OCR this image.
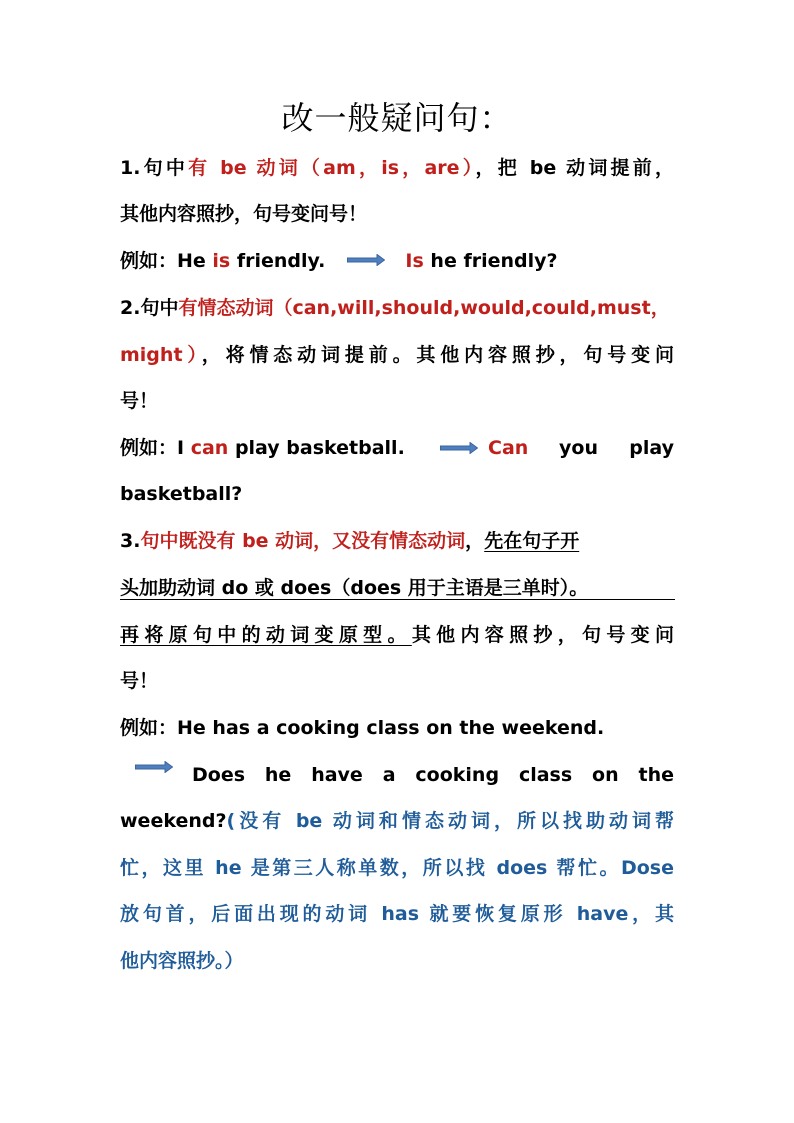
改一般疑问句：
1.句中有 be 动词（am，is，are），把 be 动词提前，
其他内容照抄，句号变问号！
例如：He is friendly.	Is he friendly?
2.句中有情态动词（can,will,should,would,could,must，
might），将情态动词提前。其他内容照抄，句号变问
号！
例如：I can play basketball.	Can you play
basketball?
3.句中既没有 be 动词，又没有情态动词，先在句子开
头加助动词 do 或 does（does 用于主语是三单时）。
再将原句中的动词变原型。其他内容照抄，句号变问
号！
例如：He has a cooking class on the weekend.
Does he have a cooking class on the
weekend?(没有 be 动词和情态动词，所以找助动词帮
忙，这里 he 是第三人称单数，所以找 does 帮忙。Dose
放句首，后面出现的动词 has 就要恢复原形 have，其
他内容照抄。）
